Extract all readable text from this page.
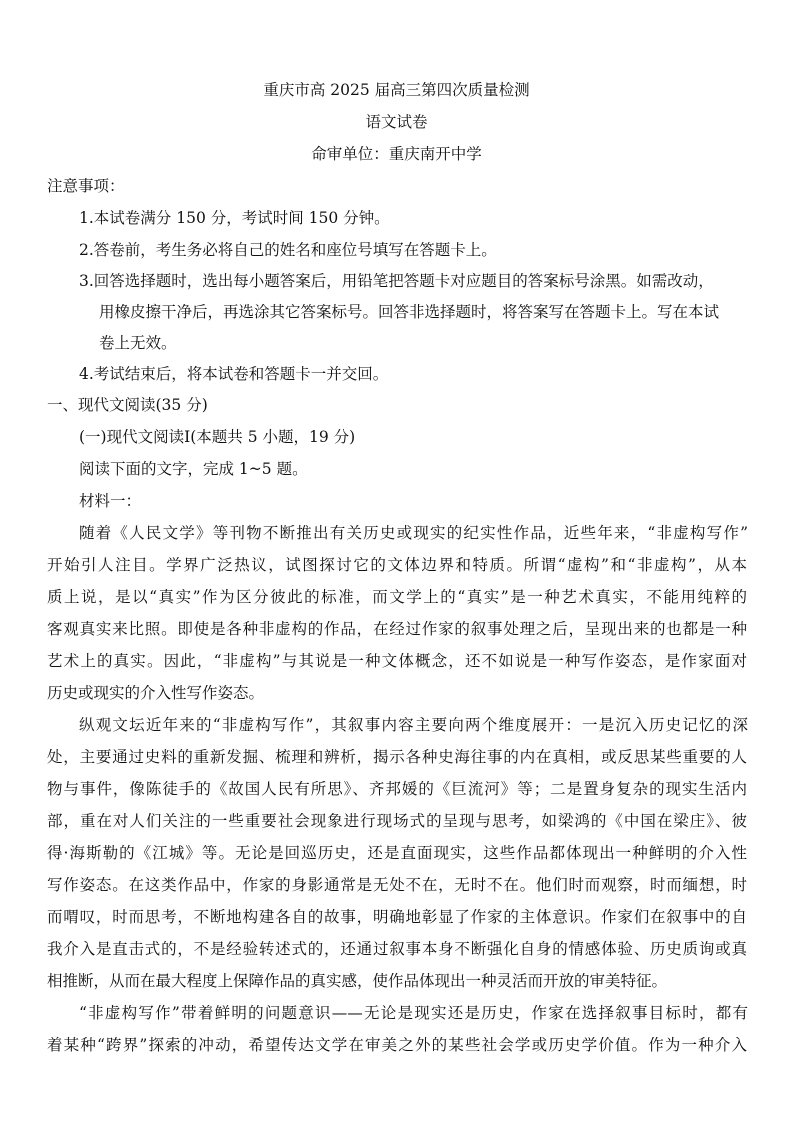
重庆市高 2025 届高三第四次质量检测
语文试卷
命审单位：重庆南开中学
注意事项：
1.本试卷满分 150 分，考试时间 150 分钟。
2.答卷前，考生务必将自己的姓名和座位号填写在答题卡上。
3.回答选择题时，选出每小题答案后，用铅笔把答题卡对应题目的答案标号涂黑。如需改动，
用橡皮擦干净后，再选涂其它答案标号。回答非选择题时，将答案写在答题卡上。写在本试
卷上无效。
4.考试结束后，将本试卷和答题卡一并交回。
一、现代文阅读(35 分)
(一)现代文阅读Ⅰ(本题共 5 小题，19 分)
阅读下面的文字，完成 1~5 题。
材料一：
随着《人民文学》等刊物不断推出有关历史或现实的纪实性作品，近些年来，“非虚构写作”
开始引人注目。学界广泛热议，试图探讨它的文体边界和特质。所谓“虚构”和“非虚构”，从本
质上说，是以“真实”作为区分彼此的标准，而文学上的“真实”是一种艺术真实，不能用纯粹的
客观真实来比照。即使是各种非虚构的作品，在经过作家的叙事处理之后，呈现出来的也都是一种
艺术上的真实。因此，“非虚构”与其说是一种文体概念，还不如说是一种写作姿态，是作家面对
历史或现实的介入性写作姿态。
纵观文坛近年来的“非虚构写作”，其叙事内容主要向两个维度展开：一是沉入历史记忆的深
处，主要通过史料的重新发掘、梳理和辨析，揭示各种史海往事的内在真相，或反思某些重要的人
物与事件，像陈徒手的《故国人民有所思》、齐邦媛的《巨流河》等；二是置身复杂的现实生活内
部，重在对人们关注的一些重要社会现象进行现场式的呈现与思考，如梁鸿的《中国在梁庄》、彼
得·海斯勒的《江城》等。无论是回巡历史，还是直面现实，这些作品都体现出一种鲜明的介入性
写作姿态。在这类作品中，作家的身影通常是无处不在，无时不在。他们时而观察，时而缅想，时
而喟叹，时而思考，不断地构建各自的故事，明确地彰显了作家的主体意识。作家们在叙事中的自
我介入是直击式的，不是经验转述式的，还通过叙事本身不断强化自身的情感体验、历史质询或真
相推断，从而在最大程度上保障作品的真实感，使作品体现出一种灵活而开放的审美特征。
“非虚构写作”带着鲜明的问题意识——无论是现实还是历史，作家在选择叙事目标时，都有
着某种“跨界”探索的冲动，希望传达文学在审美之外的某些社会学或历史学价值。作为一种介入
